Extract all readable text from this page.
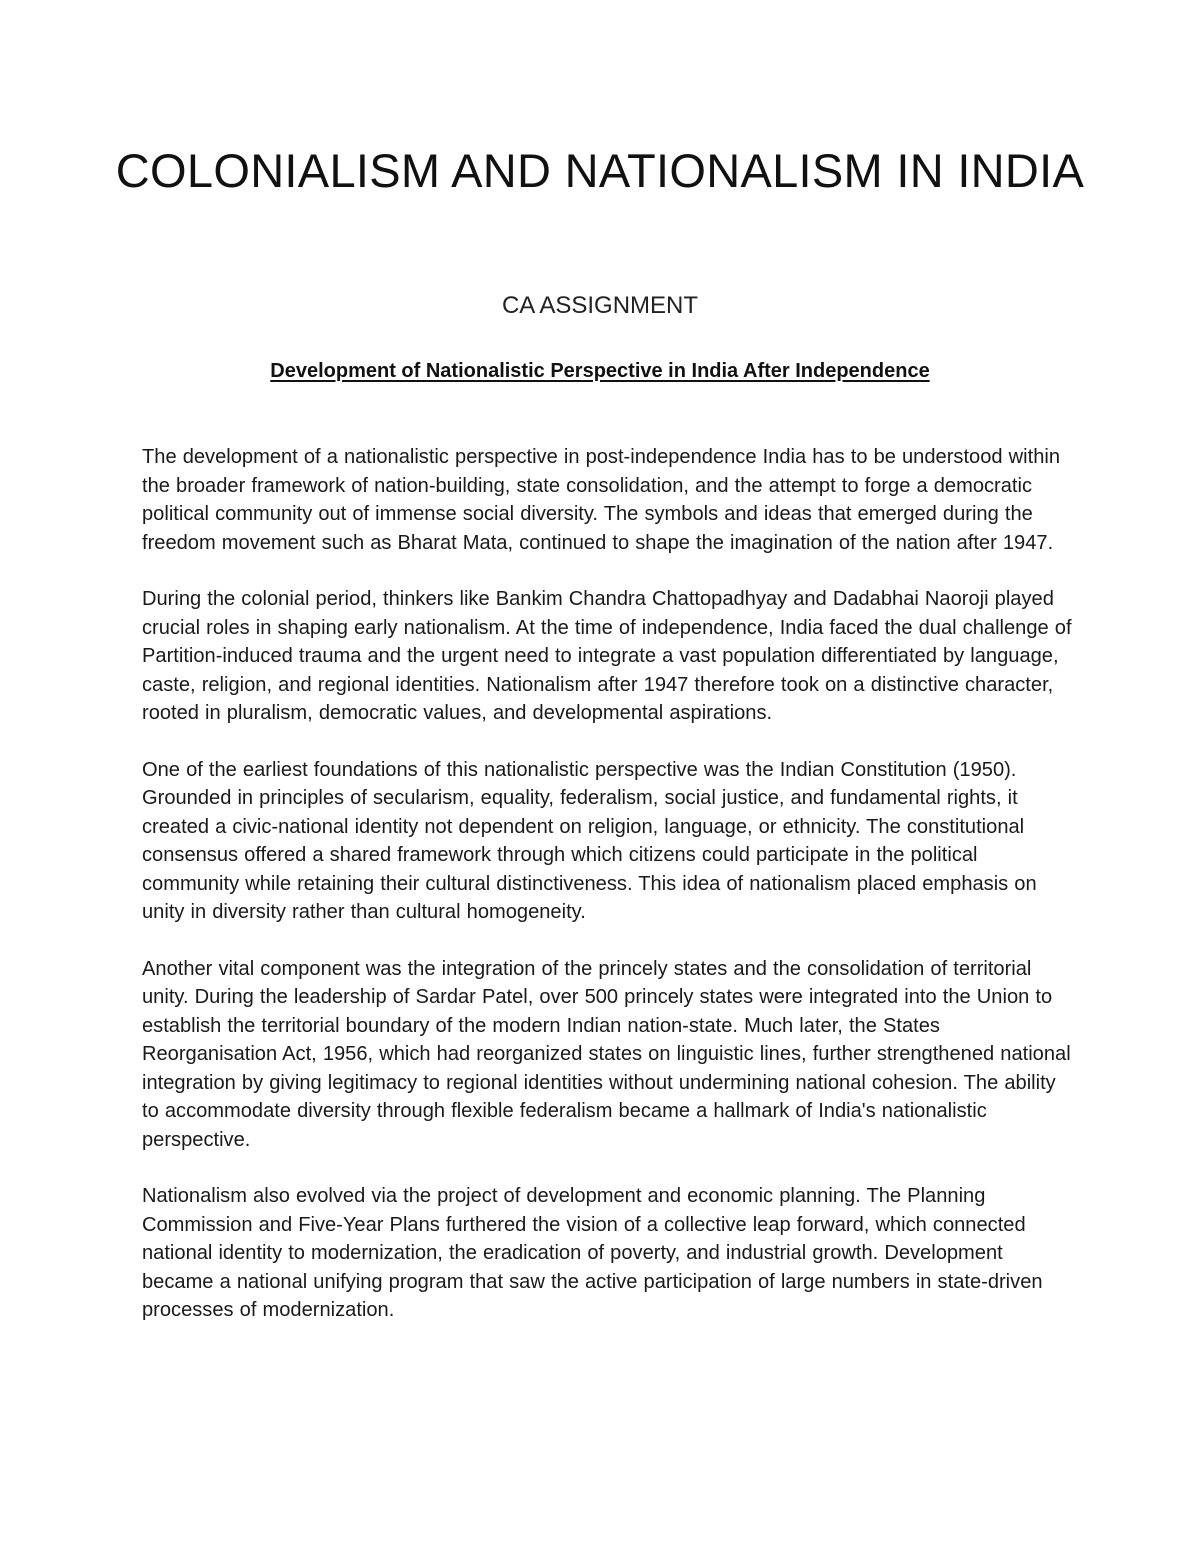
COLONIALISM AND NATIONALISM IN INDIA
CA ASSIGNMENT
Development of Nationalistic Perspective in India After Independence

The development of a nationalistic perspective in post-independence India has to be understood within the broader framework of nation-building, state consolidation, and the attempt to forge a democratic political community out of immense social diversity. The symbols and ideas that emerged during the freedom movement such as Bharat Mata, continued to shape the imagination of the nation after 1947.

During the colonial period, thinkers like Bankim Chandra Chattopadhyay and Dadabhai Naoroji played crucial roles in shaping early nationalism. At the time of independence, India faced the dual challenge of Partition-induced trauma and the urgent need to integrate a vast population differentiated by language, caste, religion, and regional identities. Nationalism after 1947 therefore took on a distinctive character, rooted in pluralism, democratic values, and developmental aspirations.

One of the earliest foundations of this nationalistic perspective was the Indian Constitution (1950). Grounded in principles of secularism, equality, federalism, social justice, and fundamental rights, it created a civic-national identity not dependent on religion, language, or ethnicity. The constitutional consensus offered a shared framework through which citizens could participate in the political community while retaining their cultural distinctiveness. This idea of nationalism placed emphasis on unity in diversity rather than cultural homogeneity.

Another vital component was the integration of the princely states and the consolidation of territorial unity. During the leadership of Sardar Patel, over 500 princely states were integrated into the Union to establish the territorial boundary of the modern Indian nation-state. Much later, the States Reorganisation Act, 1956, which had reorganized states on linguistic lines, further strengthened national integration by giving legitimacy to regional identities without undermining national cohesion. The ability to accommodate diversity through flexible federalism became a hallmark of India's nationalistic perspective.

Nationalism also evolved via the project of development and economic planning. The Planning Commission and Five-Year Plans furthered the vision of a collective leap forward, which connected national identity to modernization, the eradication of poverty, and industrial growth. Development became a national unifying program that saw the active participation of large numbers in state-driven processes of modernization.
